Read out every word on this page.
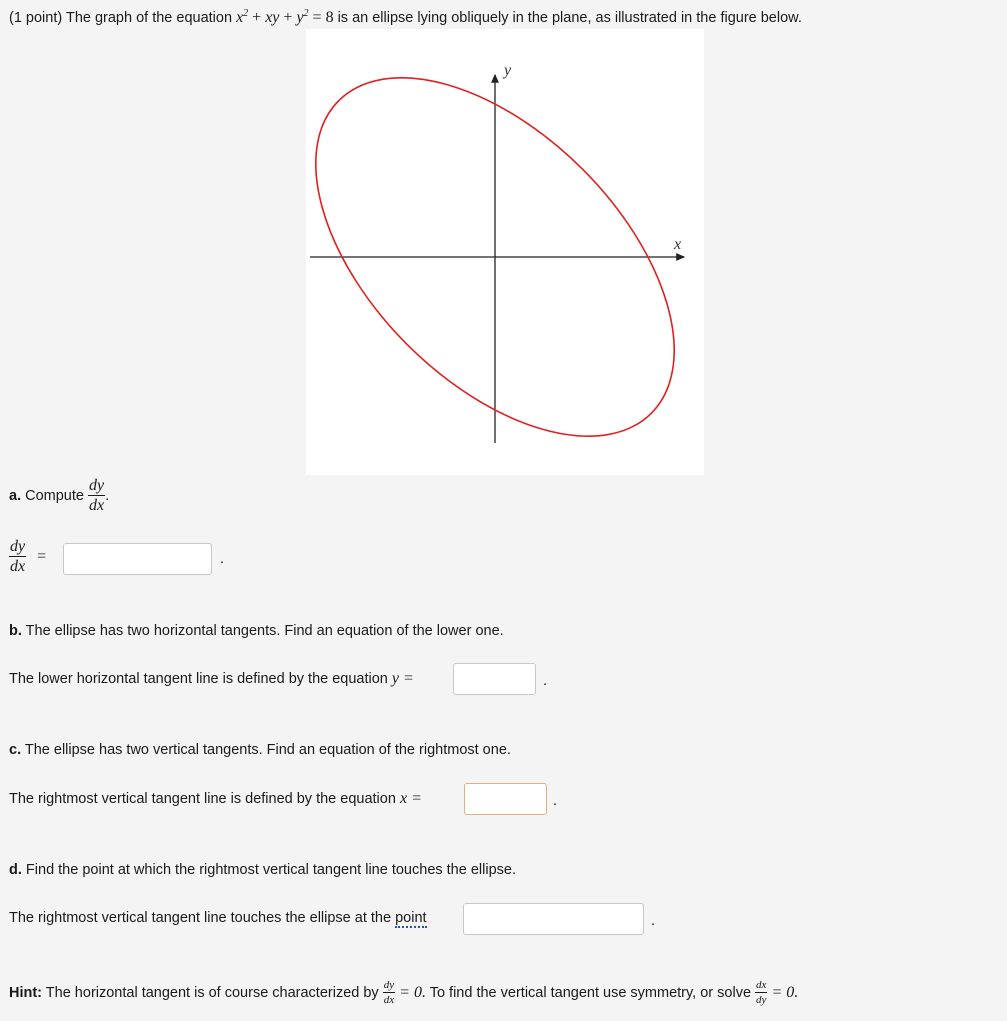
(1 point) The graph of the equation $x^2$ + xy + $y^2 = 8$ is an ellipse lying obliquely in the plane, as illustrated in the figure below.
x
y
a. Compute $\frac{dy}{dx}$ .
$\frac{dy}{dx}$ =	.
b. The ellipse has two horizontal tangents. Find an equation of the lower one.
The lower horizontal tangent line is defined by the equation y =	.
c. The ellipse has two vertical tangents. Find an equation of the rightmost one.
The rightmost vertical tangent line is defined by the equation x =	.
d. Find the point at which the rightmost vertical tangent line touches the ellipse.
The rightmost vertical tangent line touches the ellipse at the point	.
Hint: The horizontal tangent is of course characterized by $\frac{dy}{dx} = 0$. To find the vertical tangent use symmetry, or solve $\frac{dx}{dy} = 0$.
